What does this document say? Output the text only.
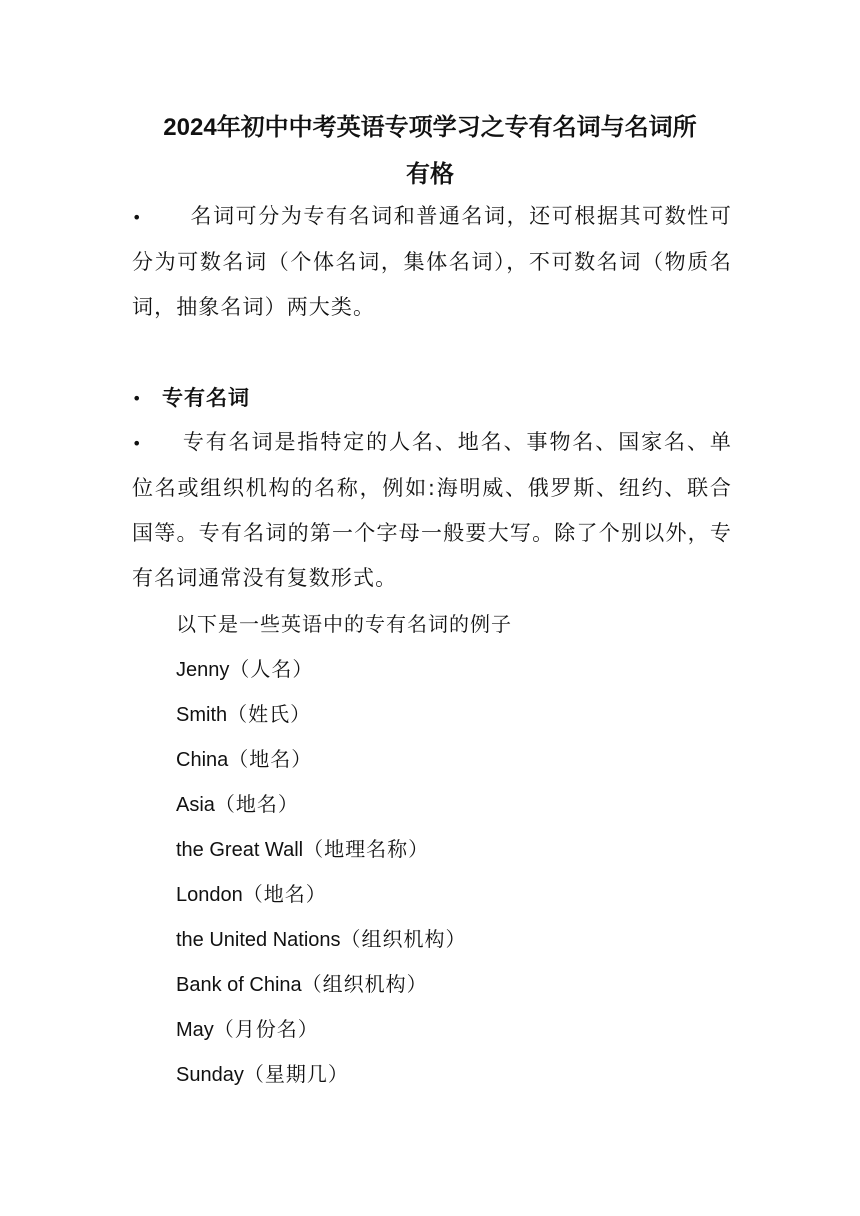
2024年初中中考英语专项学习之专有名词与名词所
有格

• 名词可分为专有名词和普通名词，还可根据其可数性可分为可数名词（个体名词，集体名词），不可数名词（物质名词，抽象名词）两大类。

• 专有名词

• 专有名词是指特定的人名、地名、事物名、国家名、单位名或组织机构的名称，例如:海明威、俄罗斯、纽约、联合国等。专有名词的第一个字母一般要大写。除了个别以外，专有名词通常没有复数形式。

以下是一些英语中的专有名词的例子
Jenny（人名）
Smith（姓氏）
China（地名）
Asia（地名）
the Great Wall（地理名称）
London（地名）
the United Nations（组织机构）
Bank of China（组织机构）
May（月份名）
Sunday（星期几）
